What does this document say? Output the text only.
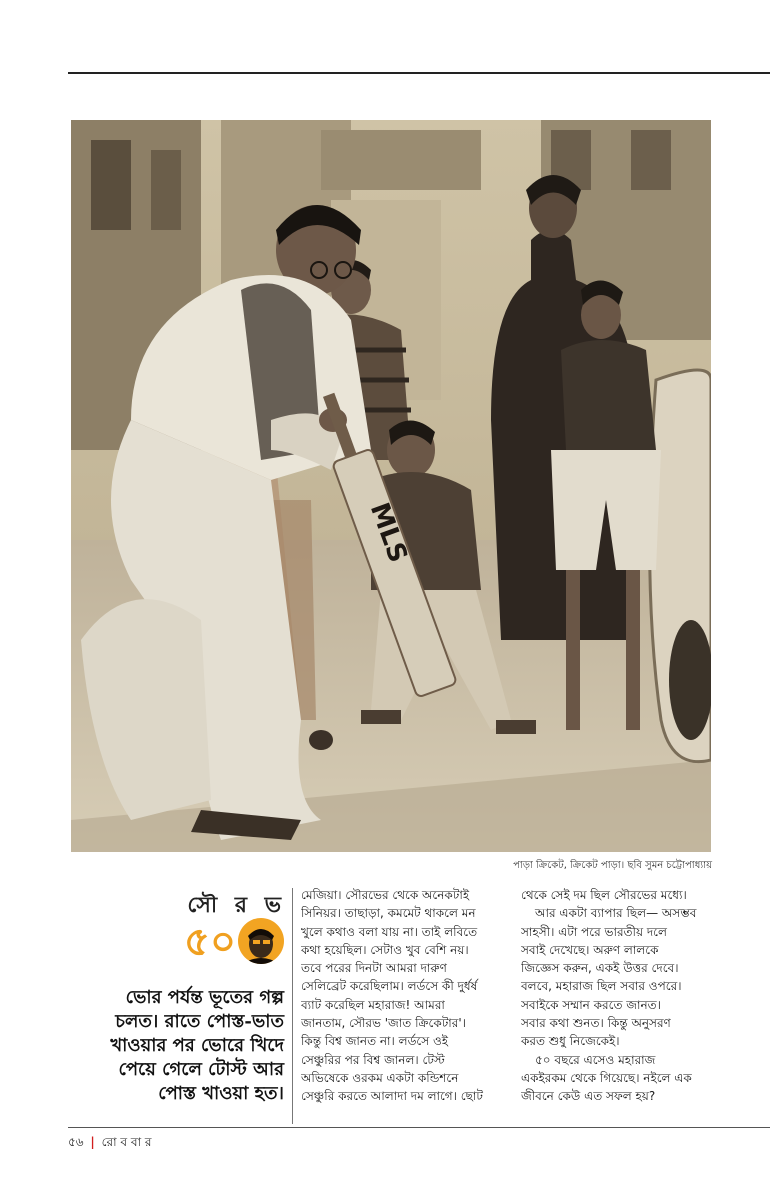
MLS
পাড়া ক্রিকেট, ক্রিকেট পাড়া। ছবি সুমন চট্টোপাধ্যায়
সৌ র ভ
৫০
ভোর পর্যন্ত ভূতের গল্প
চলত। রাতে পোস্ত-ভাত
খাওয়ার পর ভোরে খিদে
পেয়ে গেলে টোস্ট আর
পোস্ত খাওয়া হত।
মেজিয়া। সৌরভের থেকে অনেকটাই
সিনিয়র। তাছাড়া, কমমেট থাকলে মন
খুলে কথাও বলা যায় না। তাই লবিতে
কথা হয়েছিল। সেটাও খুব বেশি নয়।
তবে পরের দিনটা আমরা দারুণ
সেলিব্রেট করেছিলাম। লর্ডসে কী দুর্ধর্ষ
ব্যাট করেছিল মহারাজ! আমরা
জানতাম, সৌরভ 'জাত ক্রিকেটার'।
কিন্তু বিশ্ব জানত না। লর্ডসে ওই
সেঞ্চুরির পর বিশ্ব জানল। টেস্ট
অভিষেকে ওরকম একটা কন্ডিশনে
সেঞ্চুরি করতে আলাদা দম লাগে। ছোট
থেকে সেই দম ছিল সৌরভের মধ্যে।
আর একটা ব্যাপার ছিল— অসম্ভব
সাহসী। এটা পরে ভারতীয় দলে
সবাই দেখেছে। অরুণ লালকে
জিজ্ঞেস করুন, একই উত্তর দেবে।
বলবে, মহারাজ ছিল সবার ওপরে।
সবাইকে সম্মান করতে জানত।
সবার কথা শুনত। কিন্তু অনুসরণ
করত শুধু নিজেকেই।
৫০ বছরে এসেও মহারাজ
একইরকম থেকে গিয়েছে। নইলে এক
জীবনে কেউ এত সফল হয়?
৫৬ | রো ব বা র
